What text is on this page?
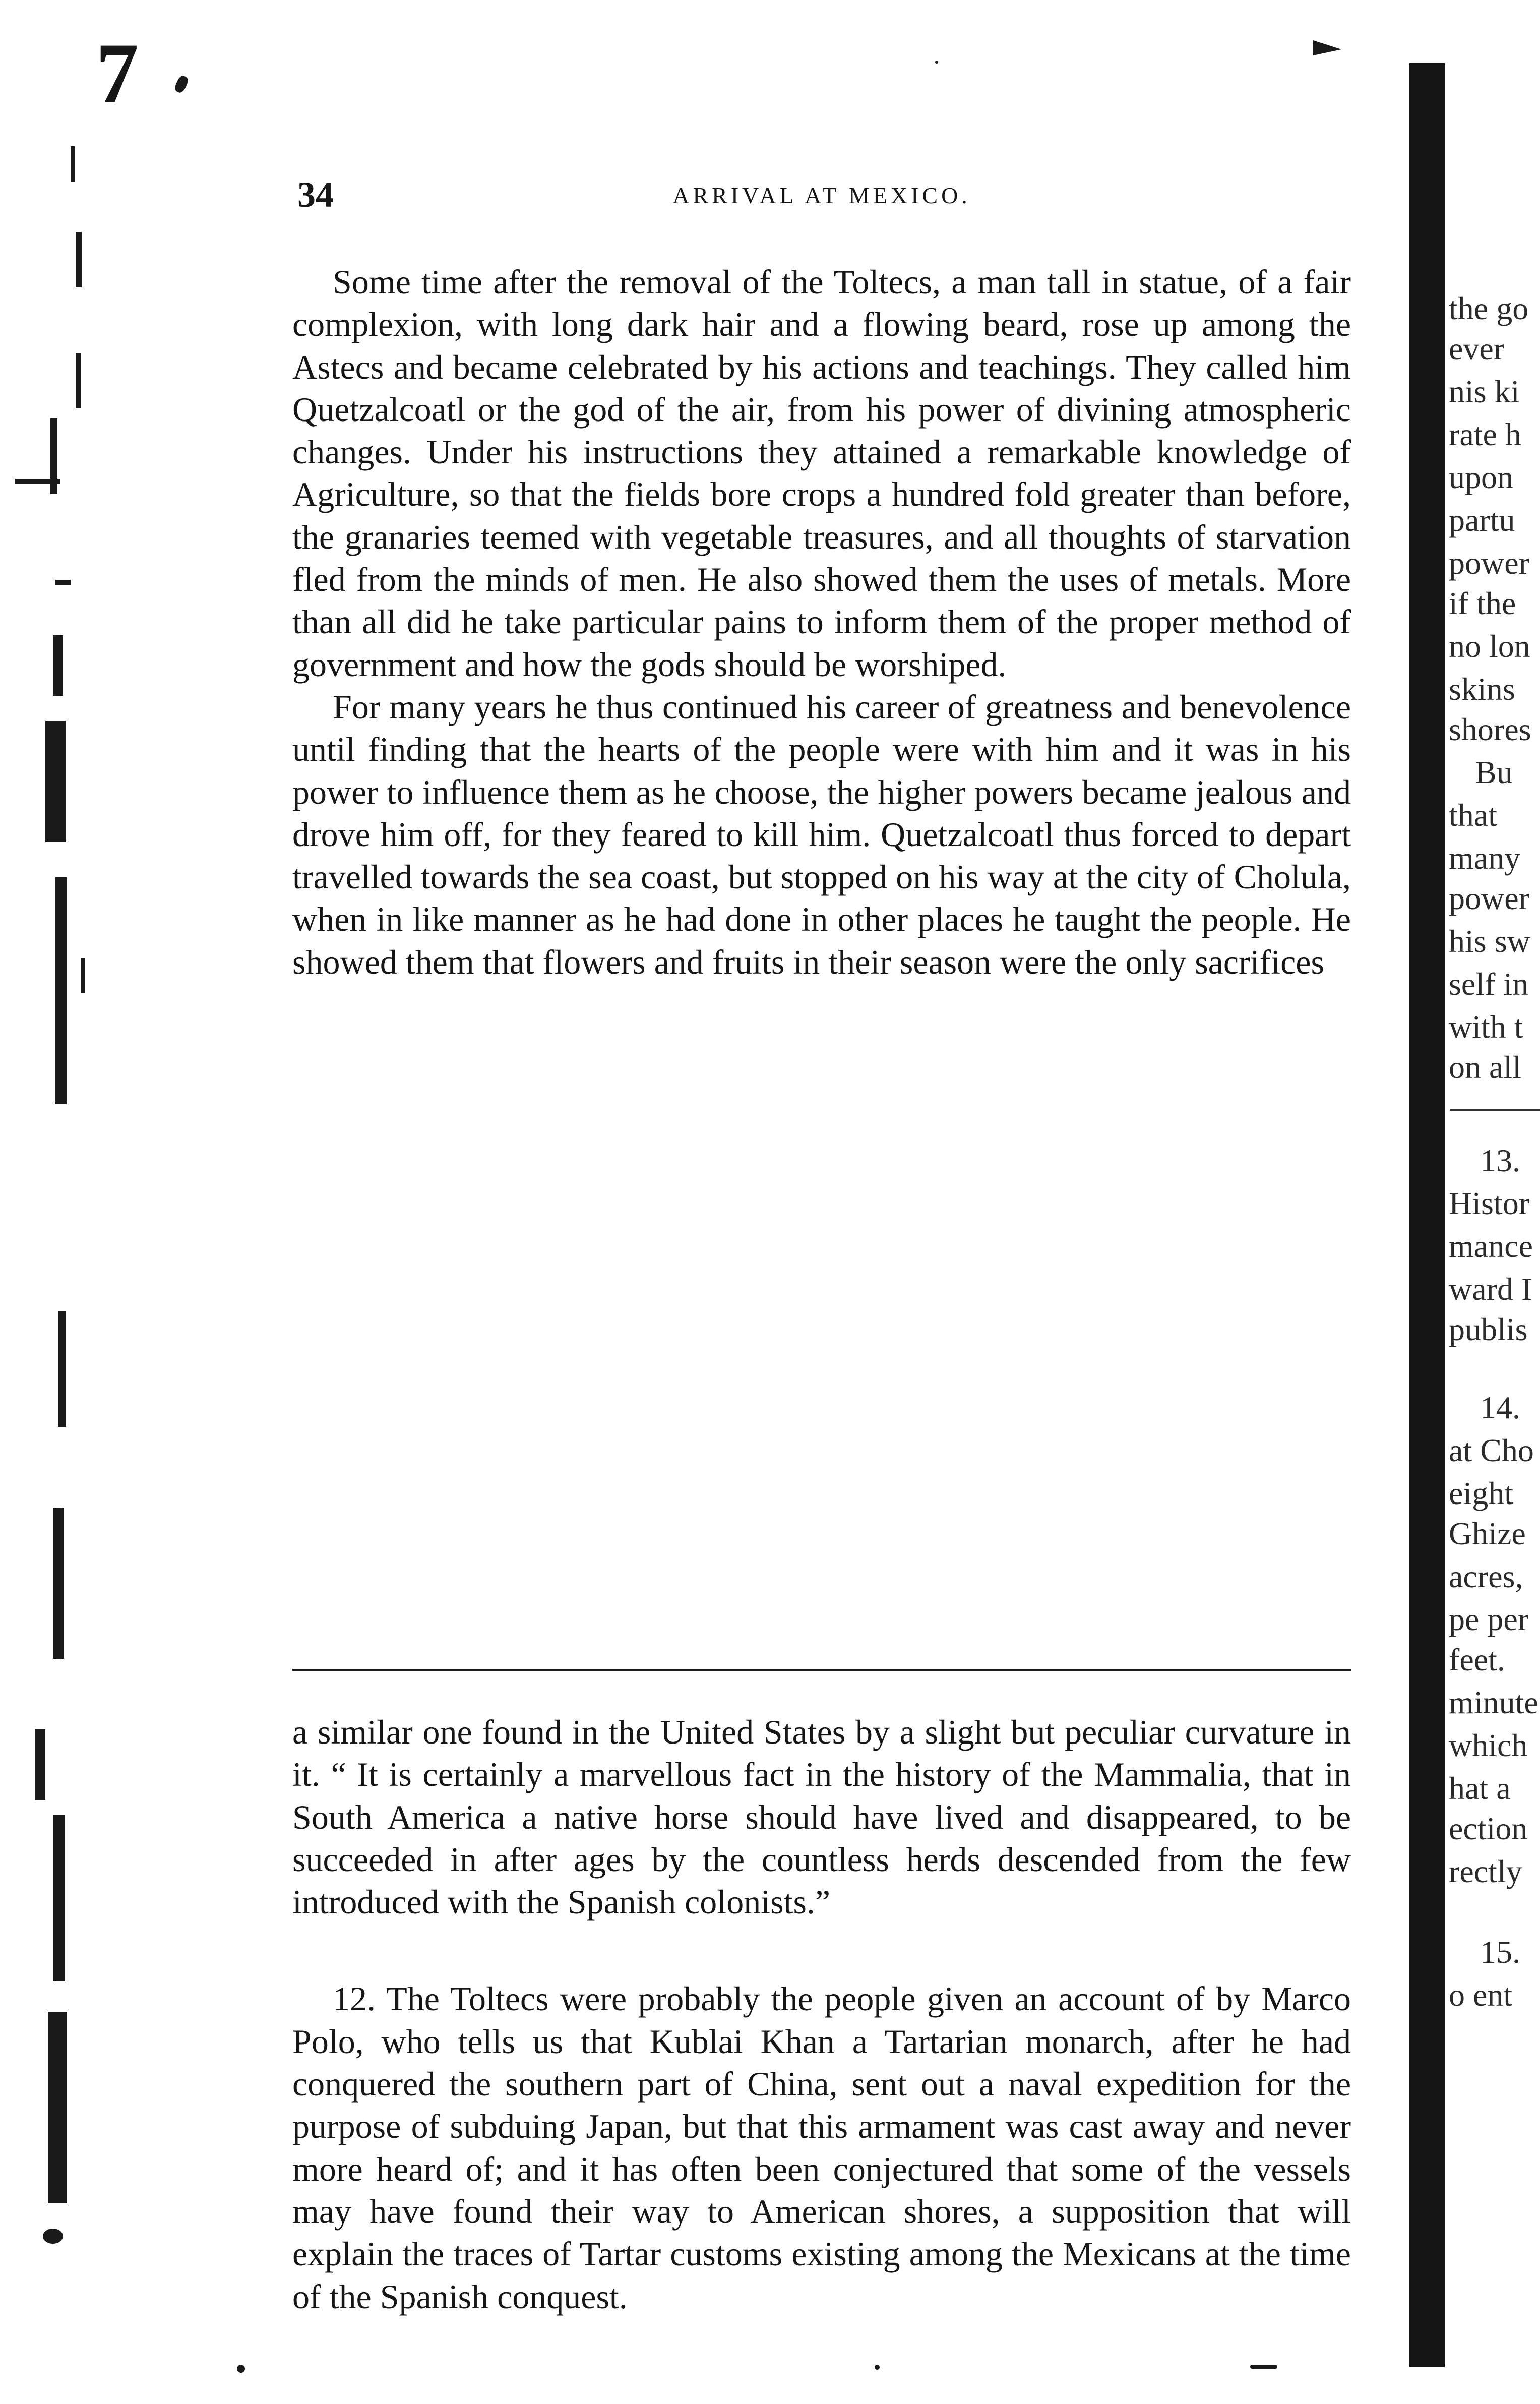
7
34	ARRIVAL AT MEXICO.

Some time after the removal of the Toltecs, a man tall in statue, of a fair complexion, with long dark hair and a flowing beard, rose up among the Astecs and became celebrated by his actions and teachings. They called him Quetzalcoatl or the god of the air, from his power of divining atmospheric changes. Under his instructions they attained a remarkable knowledge of Agriculture, so that the fields bore crops a hundred fold greater than before, the granaries teemed with vegetable treasures, and all thoughts of starvation fled from the minds of men. He also showed them the uses of metals. More than all did he take particular pains to inform them of the proper method of government and how the gods should be worshiped.

For many years he thus continued his career of greatness and benevolence until finding that the hearts of the people were with him and it was in his power to influence them as he choose, the higher powers became jealous and drove him off, for they feared to kill him. Quetzalcoatl thus forced to depart travelled towards the sea coast, but stopped on his way at the city of Cholula, when in like manner as he had done in other places he taught the people. He showed them that flowers and fruits in their season were the only sacrifices

a similar one found in the United States by a slight but peculiar curvature in it. “ It is certainly a marvellous fact in the history of the Mammalia, that in South America a native horse should have lived and disappeared, to be succeeded in after ages by the countless herds descended from the few introduced with the Spanish colonists.”

12. The Toltecs were probably the people given an account of by Marco Polo, who tells us that Kublai Khan a Tartarian monarch, after he had conquered the southern part of China, sent out a naval expedition for the purpose of subduing Japan, but that this armament was cast away and never more heard of; and it has often been conjectured that some of the vessels may have found their way to American shores, a supposition that will explain the traces of Tartar customs existing among the Mexicans at the time of the Spanish conquest.

the go
ever
nis ki
rate h
upon
partu
power
if the
no lon
skins
shores
Bu
that
many
power
his sw
self in
with t
on all
13.
Histor
mance
ward I
publis
14.
at Cho
eight
Ghize
acres,
pe per
feet.
minute
which
hat a
ection
rectly
15.
o ent
